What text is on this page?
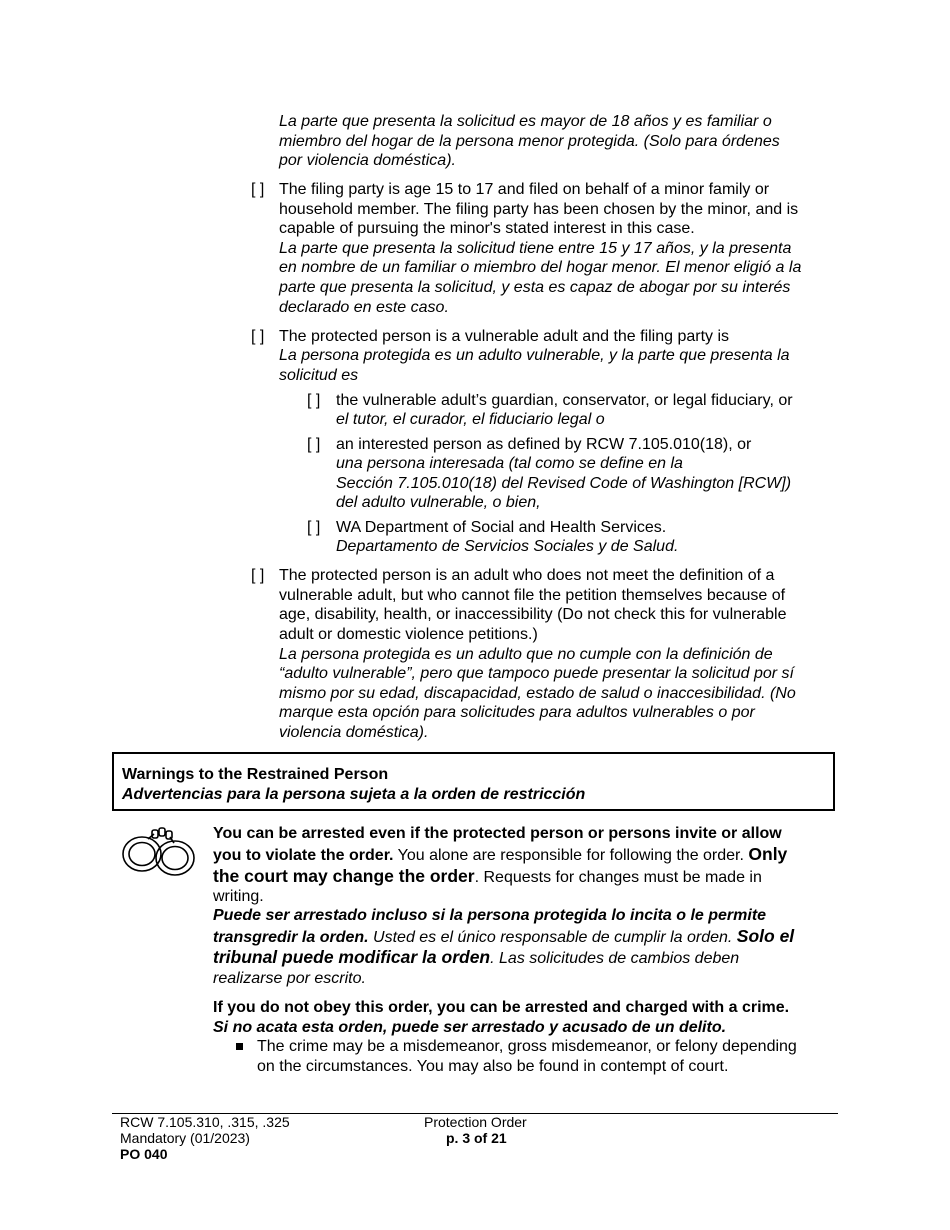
La parte que presenta la solicitud es mayor de 18 años y es familiar o
miembro del hogar de la persona menor protegida. (Solo para órdenes
por violencia doméstica).
[ ] The filing party is age 15 to 17 and filed on behalf of a minor family or
household member. The filing party has been chosen by the minor, and is
capable of pursuing the minor's stated interest in this case.
La parte que presenta la solicitud tiene entre 15 y 17 años, y la presenta
en nombre de un familiar o miembro del hogar menor. El menor eligió a la
parte que presenta la solicitud, y esta es capaz de abogar por su interés
declarado en este caso.
[ ] The protected person is a vulnerable adult and the filing party is
La persona protegida es un adulto vulnerable, y la parte que presenta la
solicitud es
[ ] the vulnerable adult’s guardian, conservator, or legal fiduciary, or
el tutor, el curador, el fiduciario legal o
[ ] an interested person as defined by RCW 7.105.010(18), or
una persona interesada (tal como se define en la
Sección 7.105.010(18) del Revised Code of Washington [RCW])
del adulto vulnerable, o bien,
[ ] WA Department of Social and Health Services.
Departamento de Servicios Sociales y de Salud.
[ ] The protected person is an adult who does not meet the definition of a
vulnerable adult, but who cannot file the petition themselves because of
age, disability, health, or inaccessibility (Do not check this for vulnerable
adult or domestic violence petitions.)
La persona protegida es un adulto que no cumple con la definición de
“adulto vulnerable”, pero que tampoco puede presentar la solicitud por sí
mismo por su edad, discapacidad, estado de salud o inaccesibilidad. (No
marque esta opción para solicitudes para adultos vulnerables o por
violencia doméstica).
Warnings to the Restrained Person
Advertencias para la persona sujeta a la orden de restricción
You can be arrested even if the protected person or persons invite or allow
you to violate the order. You alone are responsible for following the order. Only
the court may change the order. Requests for changes must be made in
writing.
Puede ser arrestado incluso si la persona protegida lo incita o le permite
transgredir la orden. Usted es el único responsable de cumplir la orden. Solo el
tribunal puede modificar la orden. Las solicitudes de cambios deben
realizarse por escrito.
If you do not obey this order, you can be arrested and charged with a crime.
Si no acata esta orden, puede ser arrestado y acusado de un delito.
The crime may be a misdemeanor, gross misdemeanor, or felony depending
on the circumstances. You may also be found in contempt of court.
RCW 7.105.310, .315, .325
Mandatory (01/2023)
PO 040
Protection Order
p. 3 of 21
